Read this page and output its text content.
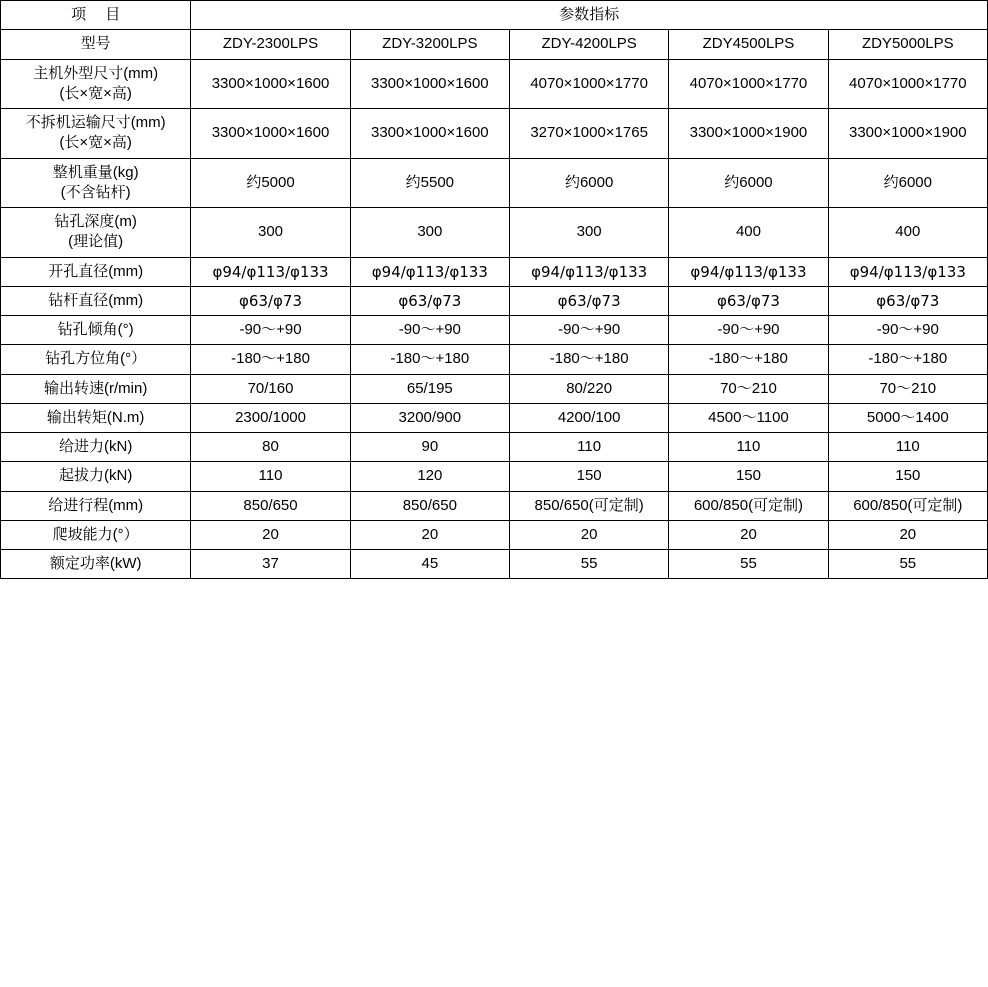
项 目	参数指标				
型号	ZDY-2300LPS	ZDY-3200LPS	ZDY-4200LPS	ZDY4500LPS	ZDY5000LPS

主机外型尺寸(mm)
(长×宽×高)	3300×1000×1600	3300×1000×1600	4070×1000×1770	4070×1000×1770	4070×1000×1770

不拆机运输尺寸(mm)
(长×宽×高)	3300×1000×1600	3300×1000×1600	3270×1000×1765	3300×1000×1900	3300×1000×1900

整机重量(kg)
(不含钻杆)	约5000	约5500	约6000	约6000	约6000

钻孔深度(m)
(理论值)	300	300	300	400	400
开孔直径(mm)	φ94/φ113/φ133	φ94/φ113/φ133	φ94/φ113/φ133	φ94/φ113/φ133	φ94/φ113/φ133
钻杆直径(mm)	φ63/φ73	φ63/φ73	φ63/φ73	φ63/φ73	φ63/φ73
钻孔倾角(°)	-90～+90	-90～+90	-90～+90	-90～+90	-90～+90
钻孔方位角(°）	-180～+180	-180～+180	-180～+180	-180～+180	-180～+180
输出转速(r/min)	70/160	65/195	80/220	70～210	70～210
输出转矩(N.m)	2300/1000	3200/900	4200/100	4500～1100	5000～1400
给进力(kN)	80	90	110	110	110
起拔力(kN)	110	120	150	150	150
给进行程(mm)	850/650	850/650	850/650(可定制)	600/850(可定制)	600/850(可定制)
爬坡能力(°）	20	20	20	20	20
额定功率(kW)	37	45	55	55	55
